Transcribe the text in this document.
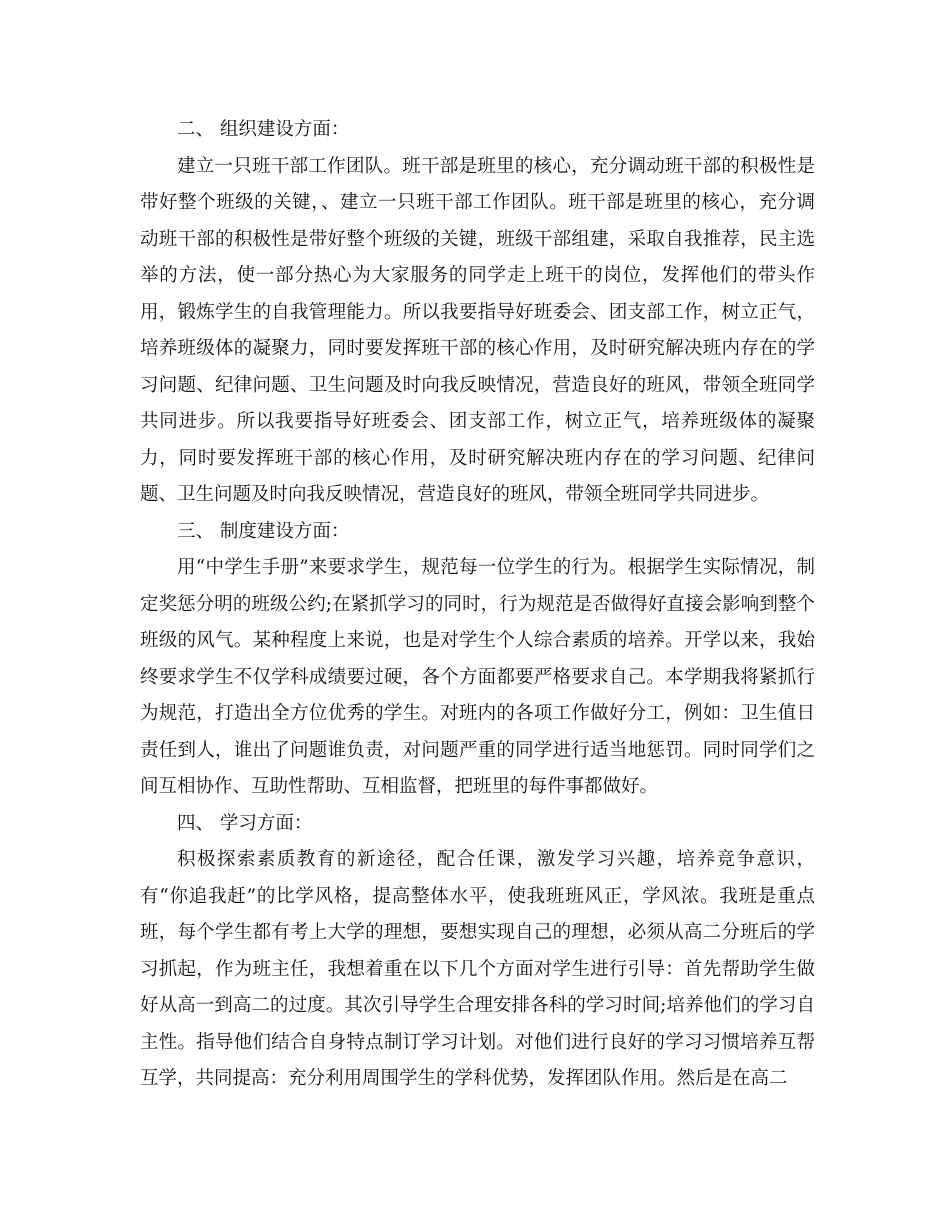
二、 组织建设方面：

建立一只班干部工作团队。班干部是班里的核心，充分调动班干部的积极性是带好整个班级的关键，、建立一只班干部工作团队。班干部是班里的核心，充分调动班干部的积极性是带好整个班级的关键，班级干部组建，采取自我推荐，民主选举的方法，使一部分热心为大家服务的同学走上班干的岗位，发挥他们的带头作用，锻炼学生的自我管理能力。所以我要指导好班委会、团支部工作，树立正气，培养班级体的凝聚力，同时要发挥班干部的核心作用，及时研究解决班内存在的学习问题、纪律问题、卫生问题及时向我反映情况，营造良好的班风，带领全班同学共同进步。所以我要指导好班委会、团支部工作，树立正气，培养班级体的凝聚力，同时要发挥班干部的核心作用，及时研究解决班内存在的学习问题、纪律问题、卫生问题及时向我反映情况，营造良好的班风，带领全班同学共同进步。

三、 制度建设方面：

用“中学生手册”来要求学生，规范每一位学生的行为。根据学生实际情况，制定奖惩分明的班级公约;在紧抓学习的同时，行为规范是否做得好直接会影响到整个班级的风气。某种程度上来说，也是对学生个人综合素质的培养。开学以来，我始终要求学生不仅学科成绩要过硬，各个方面都要严格要求自己。本学期我将紧抓行为规范，打造出全方位优秀的学生。对班内的各项工作做好分工，例如：卫生值日责任到人，谁出了问题谁负责，对问题严重的同学进行适当地惩罚。同时同学们之间互相协作、互助性帮助、互相监督，把班里的每件事都做好。

四、 学习方面：

积极探索素质教育的新途径，配合任课，激发学习兴趣，培养竞争意识，有“你追我赶”的比学风格，提高整体水平，使我班班风正，学风浓。我班是重点班，每个学生都有考上大学的理想，要想实现自己的理想，必须从高二分班后的学习抓起，作为班主任，我想着重在以下几个方面对学生进行引导：首先帮助学生做好从高一到高二的过度。其次引导学生合理安排各科的学习时间;培养他们的学习自主性。指导他们结合自身特点制订学习计划。对他们进行良好的学习习惯培养互帮互学，共同提高：充分利用周围学生的学科优势，发挥团队作用。然后是在高二
